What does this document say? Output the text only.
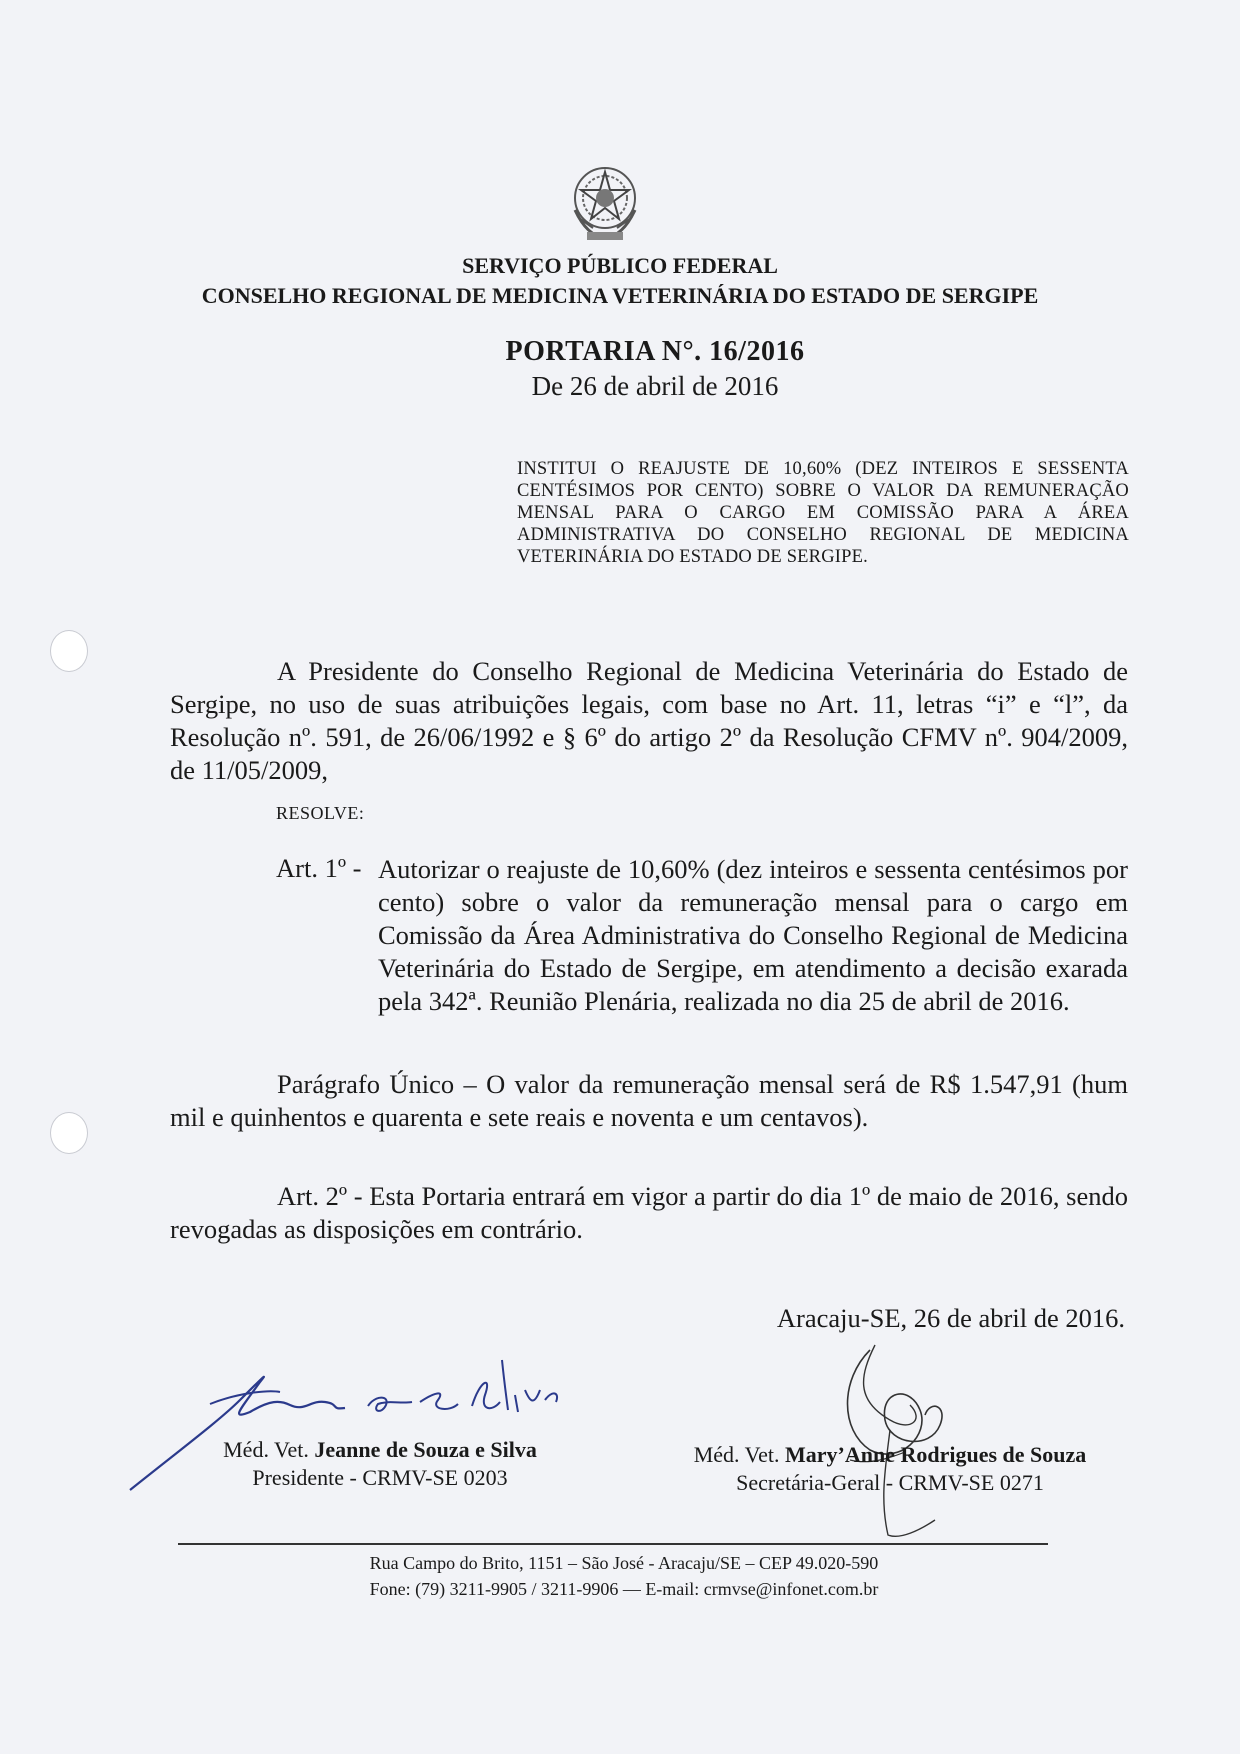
SERVIÇO PÚBLICO FEDERAL
CONSELHO REGIONAL DE MEDICINA VETERINÁRIA DO ESTADO DE SERGIPE
PORTARIA N°. 16/2016
De 26 de abril de 2016
INSTITUI O REAJUSTE DE 10,60% (DEZ INTEIROS E SESSENTA CENTÉSIMOS POR CENTO) SOBRE O VALOR DA REMUNERAÇÃO MENSAL PARA O CARGO EM COMISSÃO PARA A ÁREA ADMINISTRATIVA DO CONSELHO REGIONAL DE MEDICINA VETERINÁRIA DO ESTADO DE SERGIPE.
A Presidente do Conselho Regional de Medicina Veterinária do Estado de Sergipe, no uso de suas atribuições legais, com base no Art. 11, letras “i” e “l”, da Resolução nº. 591, de 26/06/1992 e § 6º do artigo 2º da Resolução CFMV nº. 904/2009, de 11/05/2009,
RESOLVE:
Art. 1º - Autorizar o reajuste de 10,60% (dez inteiros e sessenta centésimos por cento) sobre o valor da remuneração mensal para o cargo em Comissão da Área Administrativa do Conselho Regional de Medicina Veterinária do Estado de Sergipe, em atendimento a decisão exarada pela 342ª. Reunião Plenária, realizada no dia 25 de abril de 2016.
Parágrafo Único – O valor da remuneração mensal será de R$ 1.547,91 (hum mil e quinhentos e quarenta e sete reais e noventa e um centavos).
Art. 2º - Esta Portaria entrará em vigor a partir do dia 1º de maio de 2016, sendo revogadas as disposições em contrário.
Aracaju-SE, 26 de abril de 2016.
Méd. Vet. Jeanne de Souza e Silva
Presidente - CRMV-SE 0203
Méd. Vet. Mary’Anne Rodrigues de Souza
Secretária-Geral - CRMV-SE 0271
Rua Campo do Brito, 1151 – São José - Aracaju/SE – CEP 49.020-590
Fone: (79) 3211-9905 / 3211-9906 — E-mail: crmvse@infonet.com.br
